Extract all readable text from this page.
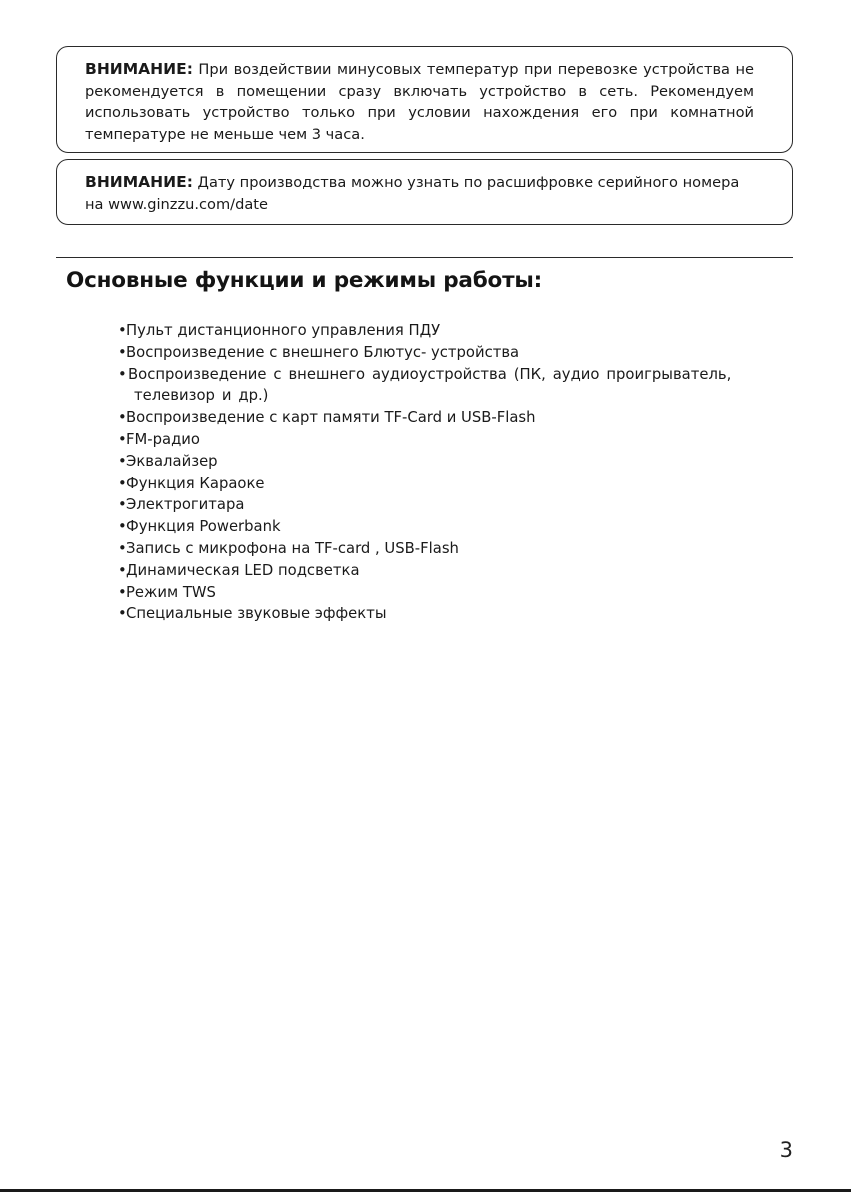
ВНИМАНИЕ: При воздействии минусовых температур при перевозке устройства не рекомендуется в помещении сразу включать устройство в сеть. Рекомендуем использовать устройство только при условии нахождения его при комнатной температуре не меньше чем 3 часа.
ВНИМАНИЕ: Дату производства можно узнать по расшифровке серийного номера на www.ginzzu.com/date
Основные функции и режимы работы:
• Пульт дистанционного управления ПДУ
• Воспроизведение с внешнего Блютус- устройства
• Воспроизведение с внешнего аудиоустройства (ПК, аудио проигрыватель,
телевизор и др.)
• Воспроизведение с карт памяти TF-Card и USB-Flash
• FM-радио
• Эквалайзер
• Функция Караоке
• Электрогитара
• Функция Powerbank
• Запись с микрофона на TF-card , USB-Flash
• Динамическая LED подсветка
• Режим TWS
• Специальные звуковые эффекты
3
